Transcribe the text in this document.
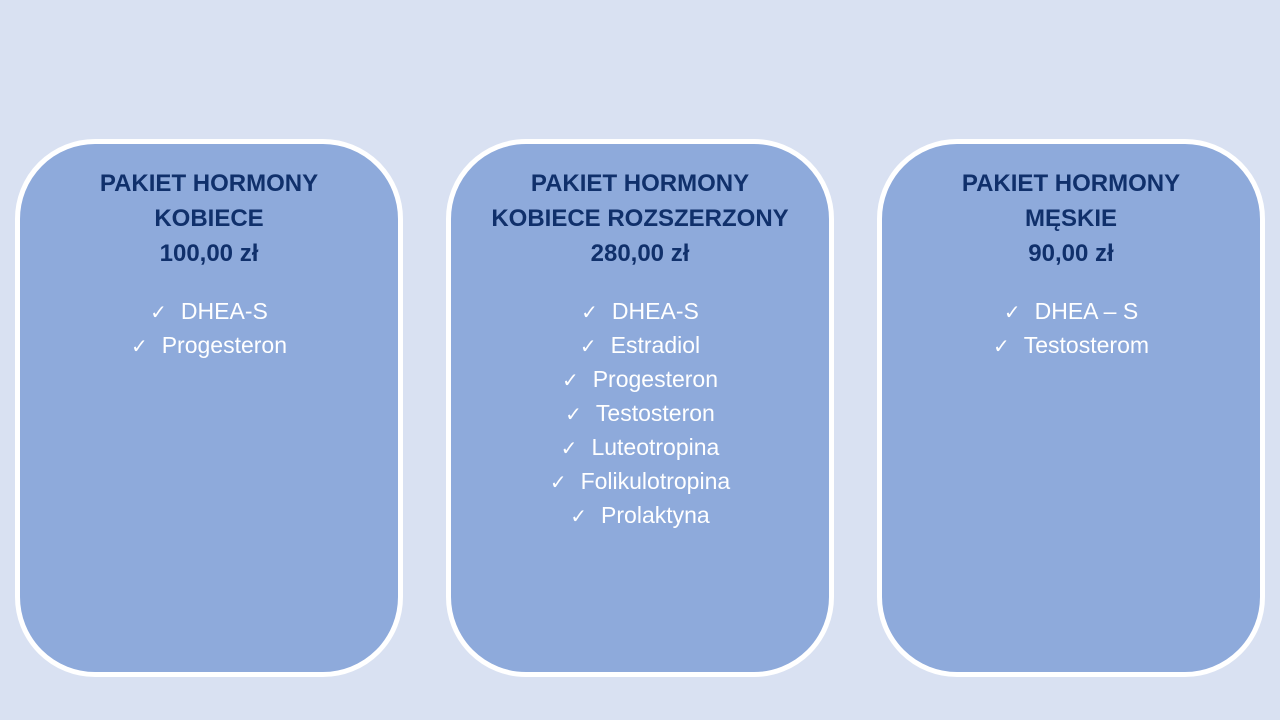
PAKIET HORMONY
KOBIECE
100,00 zł
✓ DHEA-S
✓ Progesteron
PAKIET HORMONY
KOBIECE ROZSZERZONY
280,00 zł
✓ DHEA-S
✓ Estradiol
✓ Progesteron
✓ Testosteron
✓ Luteotropina
✓ Folikulotropina
✓ Prolaktyna
PAKIET HORMONY
MĘSKIE
90,00 zł
✓ DHEA – S
✓ Testosterom
